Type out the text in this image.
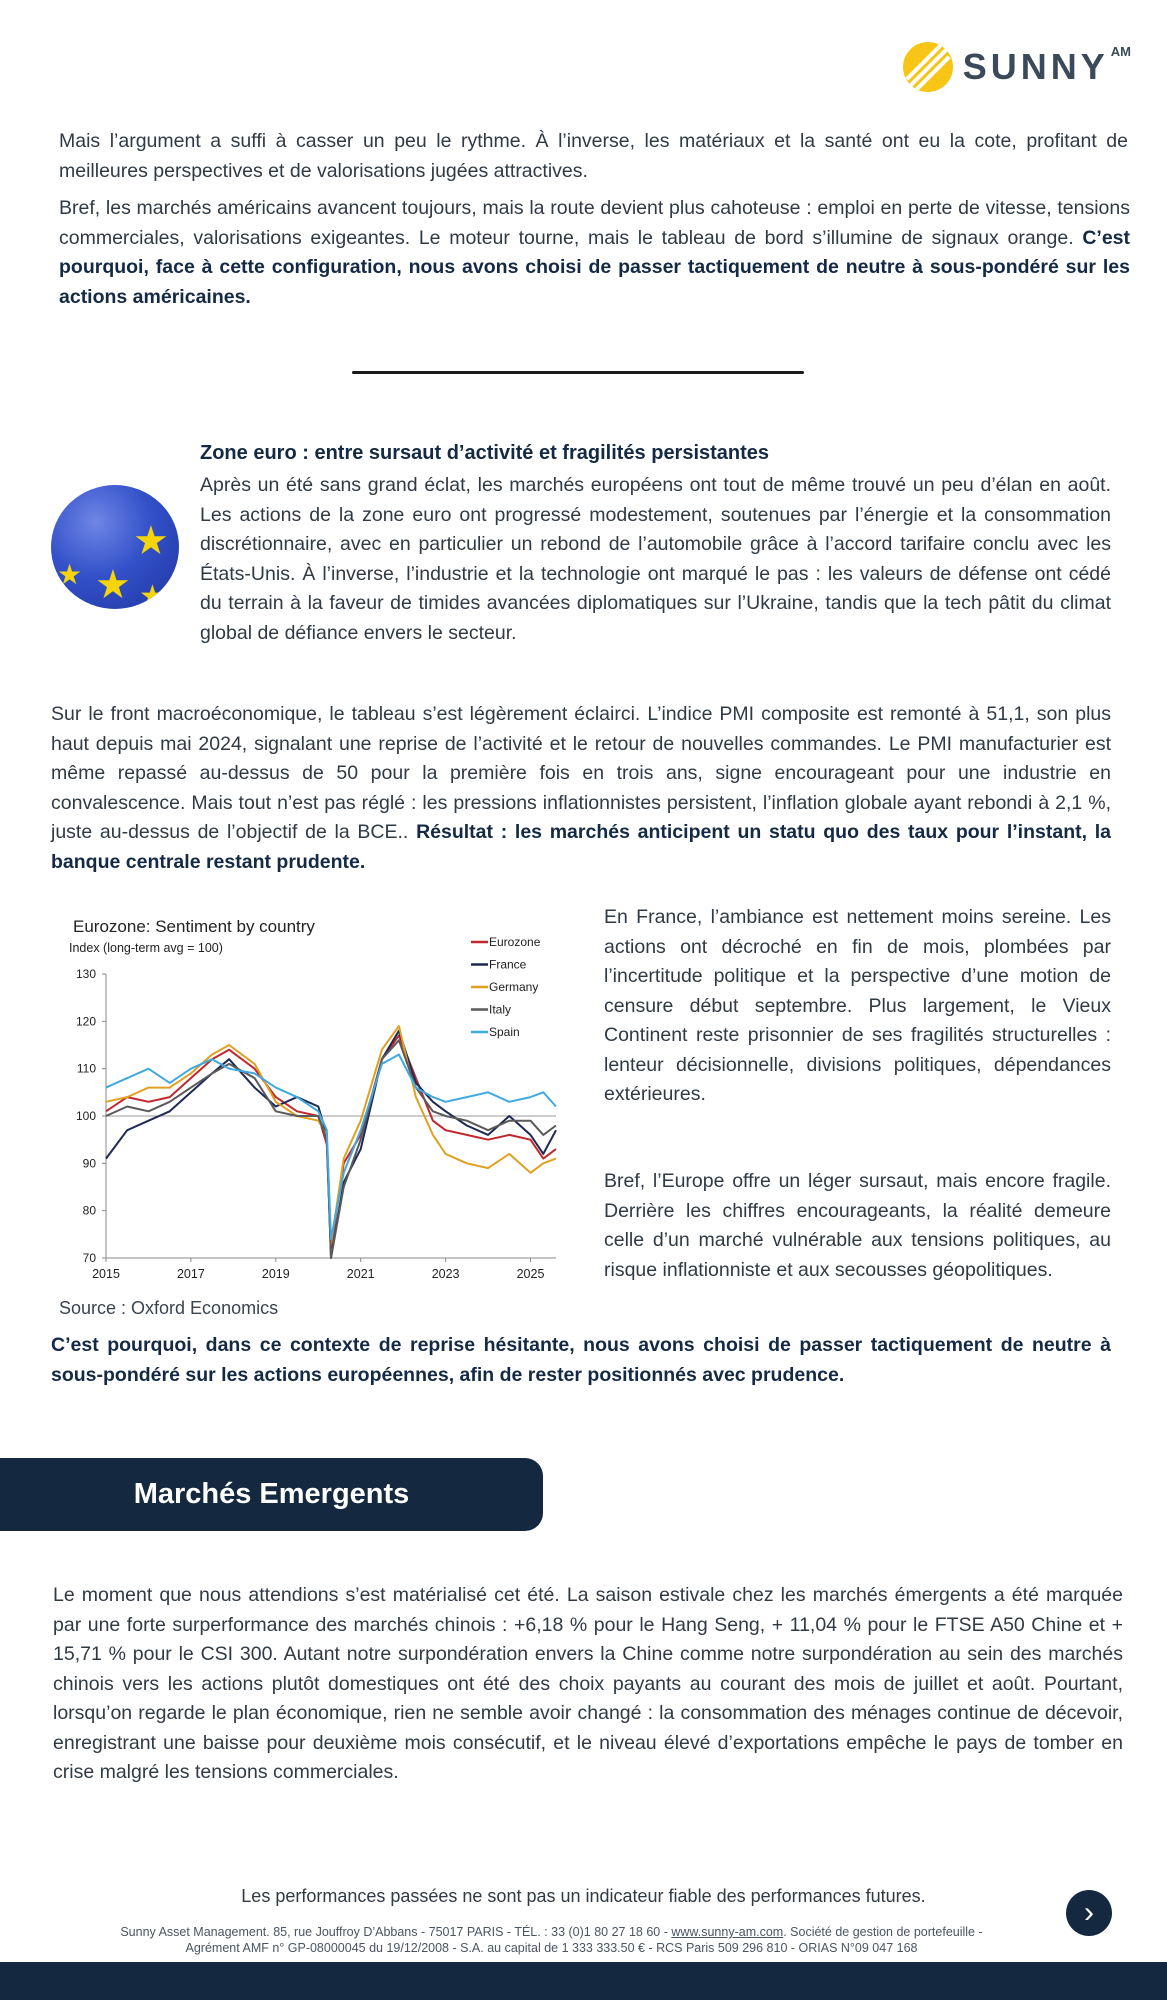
SUNNY AM

Mais l’argument a suffi à casser un peu le rythme. À l’inverse, les matériaux et la santé ont eu la cote, profitant de meilleures perspectives et de valorisations jugées attractives.

Bref, les marchés américains avancent toujours, mais la route devient plus cahoteuse : emploi en perte de vitesse, tensions commerciales, valorisations exigeantes. Le moteur tourne, mais le tableau de bord s’illumine de signaux orange. C’est pourquoi, face à cette configuration, nous avons choisi de passer tactiquement de neutre à sous-pondéré sur les actions américaines.

★
★ ★
★

Zone euro : entre sursaut d’activité et fragilités persistantes

Après un été sans grand éclat, les marchés européens ont tout de même trouvé un peu d’élan en août. Les actions de la zone euro ont progressé modestement, soutenues par l’énergie et la consommation discrétionnaire, avec en particulier un rebond de l’automobile grâce à l’accord tarifaire conclu avec les États-Unis. À l’inverse, l’industrie et la technologie ont marqué le pas : les valeurs de défense ont cédé du terrain à la faveur de timides avancées diplomatiques sur l’Ukraine, tandis que la tech pâtit du climat global de défiance envers le secteur.

Sur le front macroéconomique, le tableau s’est légèrement éclairci. L’indice PMI composite est remonté à 51,1, son plus haut depuis mai 2024, signalant une reprise de l’activité et le retour de nouvelles commandes. Le PMI manufacturier est même repassé au-dessus de 50 pour la première fois en trois ans, signe encourageant pour une industrie en convalescence. Mais tout n’est pas réglé : les pressions inflationnistes persistent, l’inflation globale ayant rebondi à 2,1 %, juste au-dessus de l’objectif de la BCE.. Résultat : les marchés anticipent un statu quo des taux pour l’instant, la banque centrale restant prudente.

Eurozone: Sentiment by country
Index (long-term avg = 100)
70
80
90
100
110
120
130
2015	2017	2019	2021	2023	2025
Eurozone
France
Germany
Italy
Spain

Source : Oxford Economics

En France, l’ambiance est nettement moins sereine. Les actions ont décroché en fin de mois, plombées par l’incertitude politique et la perspective d’une motion de censure début septembre. Plus largement, le Vieux Continent reste prisonnier de ses fragilités structurelles : lenteur décisionnelle, divisions politiques, dépendances extérieures.

Bref, l’Europe offre un léger sursaut, mais encore fragile. Derrière les chiffres encourageants, la réalité demeure celle d’un marché vulnérable aux tensions politiques, au risque inflationniste et aux secousses géopolitiques.

C’est pourquoi, dans ce contexte de reprise hésitante, nous avons choisi de passer tactiquement de neutre à sous-pondéré sur les actions européennes, afin de rester positionnés avec prudence.

Marchés Emergents

Le moment que nous attendions s’est matérialisé cet été. La saison estivale chez les marchés émergents a été marquée par une forte surperformance des marchés chinois : +6,18 % pour le Hang Seng, + 11,04 % pour le FTSE A50 Chine et + 15,71 % pour le CSI 300. Autant notre surpondération envers la Chine comme notre surpondération au sein des marchés chinois vers les actions plutôt domestiques ont été des choix payants au courant des mois de juillet et août. Pourtant, lorsqu’on regarde le plan économique, rien ne semble avoir changé : la consommation des ménages continue de décevoir, enregistrant une baisse pour deuxième mois consécutif, et le niveau élevé d’exportations empêche le pays de tomber en crise malgré les tensions commerciales.

Les performances passées ne sont pas un indicateur fiable des performances futures.

Sunny Asset Management. 85, rue Jouffroy D’Abbans - 75017 PARIS - TÉL. : 33 (0)1 80 27 18 60 - www.sunny-am.com. Société de gestion de portefeuille -
Agrément AMF n° GP-08000045 du 19/12/2008 - S.A. au capital de 1 333 333.50 € - RCS Paris 509 296 810 - ORIAS N°09 047 168

›
